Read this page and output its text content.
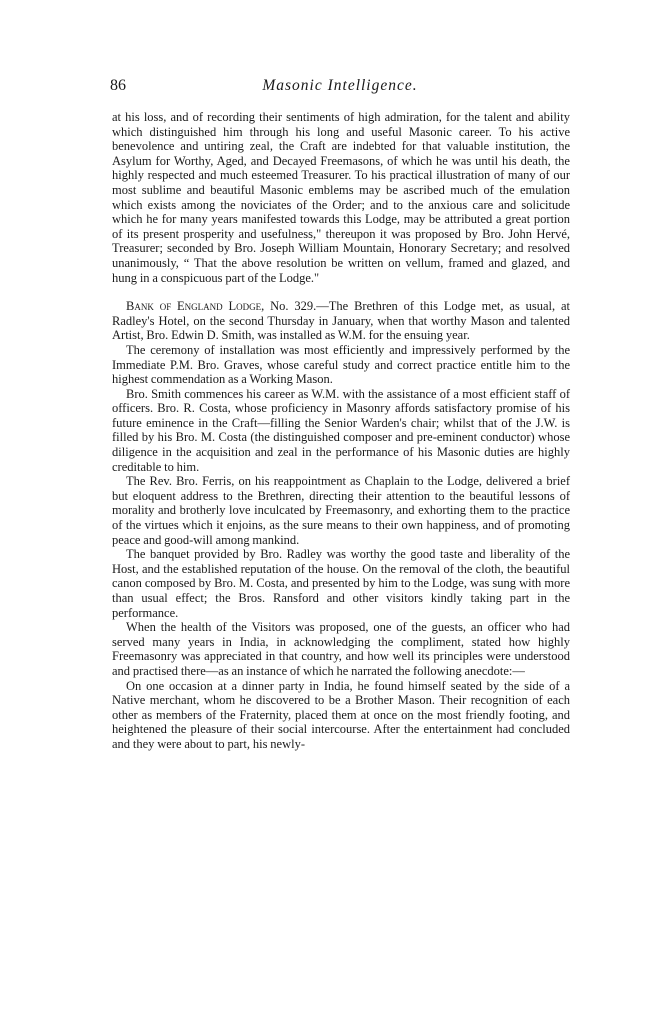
86	Masonic Intelligence.

at his loss, and of recording their sentiments of high admiration, for the talent and ability which distinguished him through his long and useful Masonic career. To his active benevolence and untiring zeal, the Craft are indebted for that valuable institution, the Asylum for Worthy, Aged, and Decayed Freemasons, of which he was until his death, the highly respected and much esteemed Treasurer. To his practical illustration of many of our most sublime and beautiful Masonic emblems may be ascribed much of the emulation which exists among the noviciates of the Order; and to the anxious care and solicitude which he for many years manifested towards this Lodge, may be attributed a great portion of its present prosperity and usefulness," thereupon it was proposed by Bro. John Hervé, Treasurer; seconded by Bro. Joseph William Mountain, Honorary Secretary; and resolved unanimously, “ That the above resolution be written on vellum, framed and glazed, and hung in a conspicuous part of the Lodge."

Bank of England Lodge, No. 329.—The Brethren of this Lodge met, as usual, at Radley's Hotel, on the second Thursday in January, when that worthy Mason and talented Artist, Bro. Edwin D. Smith, was installed as W.M. for the ensuing year.

The ceremony of installation was most efficiently and impressively performed by the Immediate P.M. Bro. Graves, whose careful study and correct practice entitle him to the highest commendation as a Working Mason.

Bro. Smith commences his career as W.M. with the assistance of a most efficient staff of officers. Bro. R. Costa, whose proficiency in Masonry affords satisfactory promise of his future eminence in the Craft—filling the Senior Warden's chair; whilst that of the J.W. is filled by his Bro. M. Costa (the distinguished composer and pre-eminent conductor) whose diligence in the acquisition and zeal in the performance of his Masonic duties are highly creditable to him.

The Rev. Bro. Ferris, on his reappointment as Chaplain to the Lodge, delivered a brief but eloquent address to the Brethren, directing their attention to the beautiful lessons of morality and brotherly love inculcated by Freemasonry, and exhorting them to the practice of the virtues which it enjoins, as the sure means to their own happiness, and of promoting peace and good-will among mankind.

The banquet provided by Bro. Radley was worthy the good taste and liberality of the Host, and the established reputation of the house. On the removal of the cloth, the beautiful canon composed by Bro. M. Costa, and presented by him to the Lodge, was sung with more than usual effect; the Bros. Ransford and other visitors kindly taking part in the performance.

When the health of the Visitors was proposed, one of the guests, an officer who had served many years in India, in acknowledging the compliment, stated how highly Freemasonry was appreciated in that country, and how well its principles were understood and practised there—as an instance of which he narrated the following anecdote:—

On one occasion at a dinner party in India, he found himself seated by the side of a Native merchant, whom he discovered to be a Brother Mason. Their recognition of each other as members of the Fraternity, placed them at once on the most friendly footing, and heightened the pleasure of their social intercourse. After the entertainment had concluded and they were about to part, his newly-
